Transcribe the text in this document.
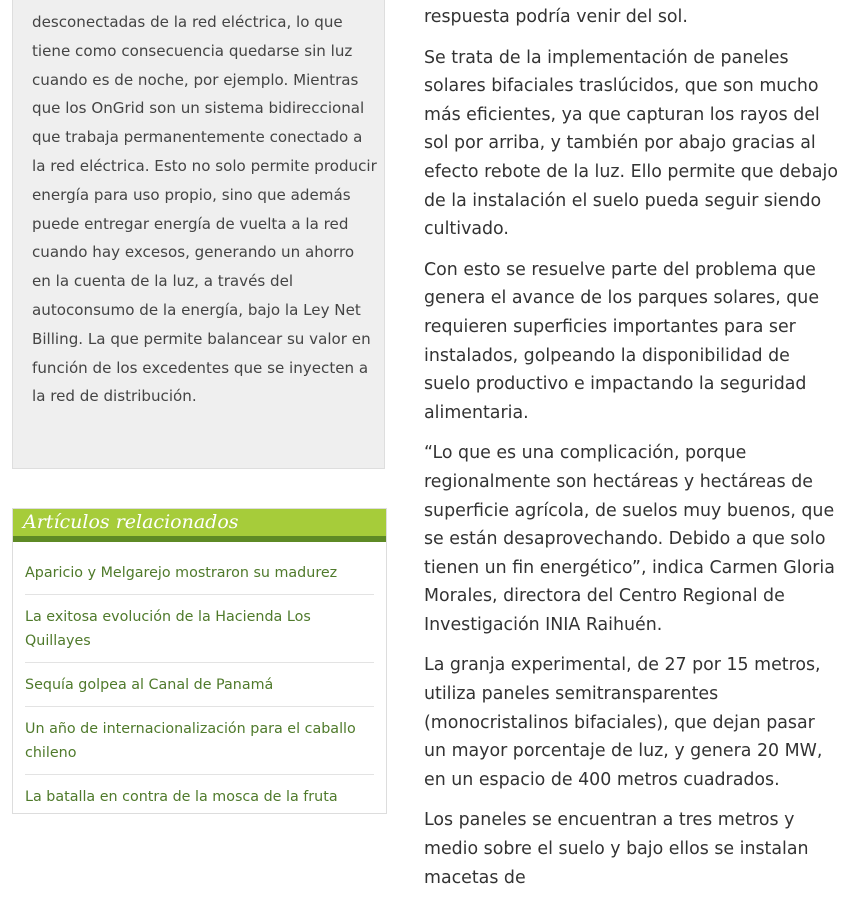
desconectadas de la red eléctrica, lo que tiene como consecuencia quedarse sin luz cuando es de noche, por ejemplo. Mientras que los OnGrid son un sistema bidireccional que trabaja permanentemente conectado a la red eléctrica. Esto no solo permite producir energía para uso propio, sino que además puede entregar energía de vuelta a la red cuando hay excesos, generando un ahorro en la cuenta de la luz, a través del autoconsumo de la energía, bajo la Ley Net Billing. La que permite balancear su valor en función de los excedentes que se inyecten a la red de distribución.

Artículos relacionados
Aparicio y Melgarejo mostraron su madurez
La exitosa evolución de la Hacienda Los Quillayes
Sequía golpea al Canal de Panamá
Un año de internacionalización para el caballo chileno
La batalla en contra de la mosca de la fruta

respuesta podría venir del sol.

Se trata de la implementación de paneles solares bifaciales traslúcidos, que son mucho más eficientes, ya que capturan los rayos del sol por arriba, y también por abajo gracias al efecto rebote de la luz. Ello permite que debajo de la instalación el suelo pueda seguir siendo cultivado.

Con esto se resuelve parte del problema que genera el avance de los parques solares, que requieren superficies importantes para ser instalados, golpeando la disponibilidad de suelo productivo e impactando la seguridad alimentaria.

“Lo que es una complicación, porque regionalmente son hectáreas y hectáreas de superficie agrícola, de suelos muy buenos, que se están desaprovechando. Debido a que solo tienen un fin energético”, indica Carmen Gloria Morales, directora del Centro Regional de Investigación INIA Raihuén.

La granja experimental, de 27 por 15 metros, utiliza paneles semitransparentes (monocristalinos bifaciales), que dejan pasar un mayor porcentaje de luz, y genera 20 MW, en un espacio de 400 metros cuadrados.

Los paneles se encuentran a tres metros y medio sobre el suelo y bajo ellos se instalan macetas de
